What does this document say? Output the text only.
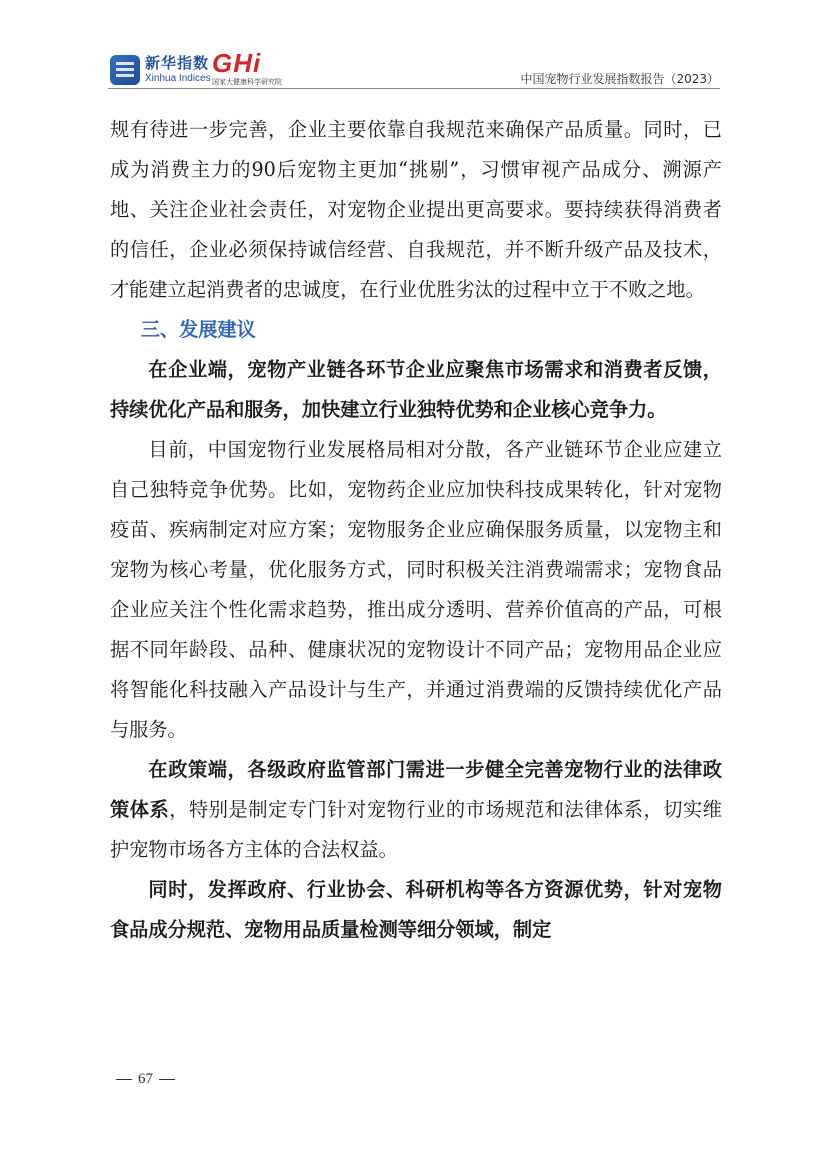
新华指数
Xinhua Indices
GHi
国家大健康科学研究院	中国宠物行业发展指数报告（2023）

规有待进一步完善，企业主要依靠自我规范来确保产品质量。同时，已成为消费主力的90后宠物主更加“挑剔”，习惯审视产品成分、溯源产地、关注企业社会责任，对宠物企业提出更高要求。要持续获得消费者的信任，企业必须保持诚信经营、自我规范，并不断升级产品及技术，才能建立起消费者的忠诚度，在行业优胜劣汰的过程中立于不败之地。

三、发展建议

在企业端，宠物产业链各环节企业应聚焦市场需求和消费者反馈，持续优化产品和服务，加快建立行业独特优势和企业核心竞争力。

目前，中国宠物行业发展格局相对分散，各产业链环节企业应建立自己独特竞争优势。比如，宠物药企业应加快科技成果转化，针对宠物疫苗、疾病制定对应方案；宠物服务企业应确保服务质量，以宠物主和宠物为核心考量，优化服务方式，同时积极关注消费端需求；宠物食品企业应关注个性化需求趋势，推出成分透明、营养价值高的产品，可根据不同年龄段、品种、健康状况的宠物设计不同产品；宠物用品企业应将智能化科技融入产品设计与生产，并通过消费端的反馈持续优化产品与服务。

在政策端，各级政府监管部门需进一步健全完善宠物行业的法律政策体系，特别是制定专门针对宠物行业的市场规范和法律体系，切实维护宠物市场各方主体的合法权益。

同时，发挥政府、行业协会、科研机构等各方资源优势，针对宠物食品成分规范、宠物用品质量检测等细分领域，制定

67
